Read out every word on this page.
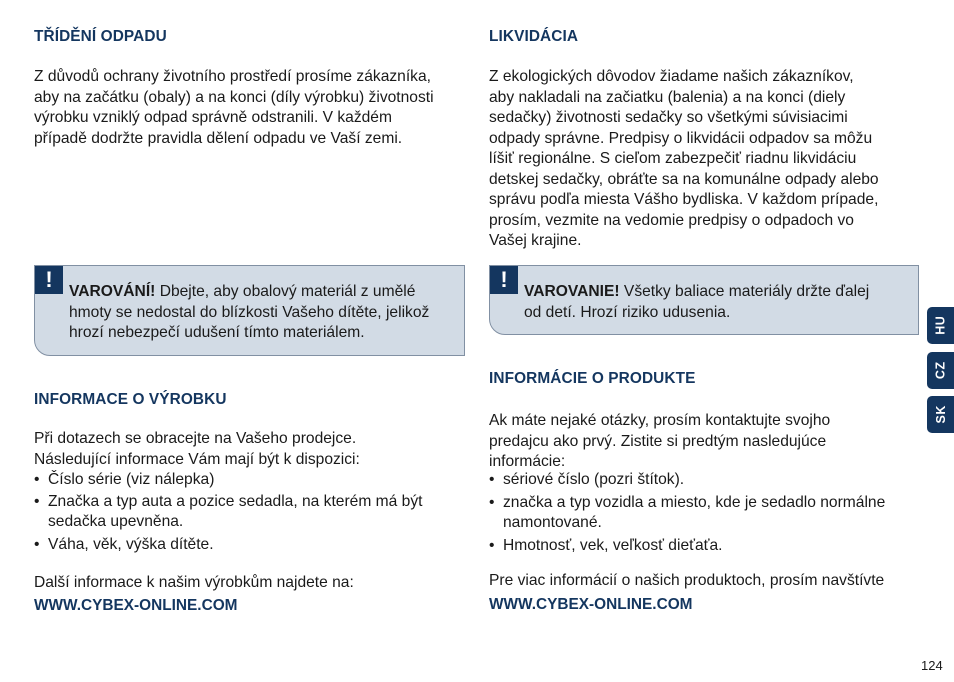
TŘÍDĚNÍ ODPADU

Z důvodů ochrany životního prostředí prosíme zákazníka,

aby na začátku (obaly) a na konci (díly výrobku) životnosti

výrobku vzniklý odpad správně odstranili. V každém

případě dodržte pravidla dělení odpadu ve Vaší zemi.

!	VAROVÁNÍ! Dbejte, aby obalový materiál z umělé
hmoty se nedostal do blízkosti Vašeho dítěte, jelikož
hrozí nebezpečí udušení tímto materiálem.
INFORMACE O VÝROBKU

Při dotazech se obracejte na Vašeho prodejce.

Následující informace Vám mají být k dispozici:

• Číslo série (viz nálepka)
• Značka a typ auta a pozice sedadla, na kterém má být
sedačka upevněna.
• Váha, věk, výška dítěte.
Další informace k našim výrobkům najdete na:
WWW.CYBEX-ONLINE.COM
LIKVIDÁCIA

Z ekologických dôvodov žiadame našich zákazníkov,

aby nakladali na začiatku (balenia) a na konci (diely

sedačky) životnosti sedačky so všetkými súvisiacimi

odpady správne. Predpisy o likvidácii odpadov sa môžu

líšiť regionálne. S cieľom zabezpečiť riadnu likvidáciu

detskej sedačky, obráťte sa na komunálne odpady alebo

správu podľa miesta Vášho bydliska. V každom prípade,

prosím, vezmite na vedomie predpisy o odpadoch vo

Vašej krajine.

!	VAROVANIE! Všetky baliace materiály držte ďalej
od detí. Hrozí riziko udusenia.
INFORMÁCIE O PRODUKTE

Ak máte nejaké otázky, prosím kontaktujte svojho

predajcu ako prvý. Zistite si predtým nasledujúce

informácie:

• sériové číslo (pozri štítok).
• značka a typ vozidla a miesto, kde je sedadlo normálne
namontované.
• Hmotnosť, vek, veľkosť dieťaťa.
Pre viac informácií o našich produktoch, prosím navštívte
WWW.CYBEX-ONLINE.COM
HU
CZ
SK
124
